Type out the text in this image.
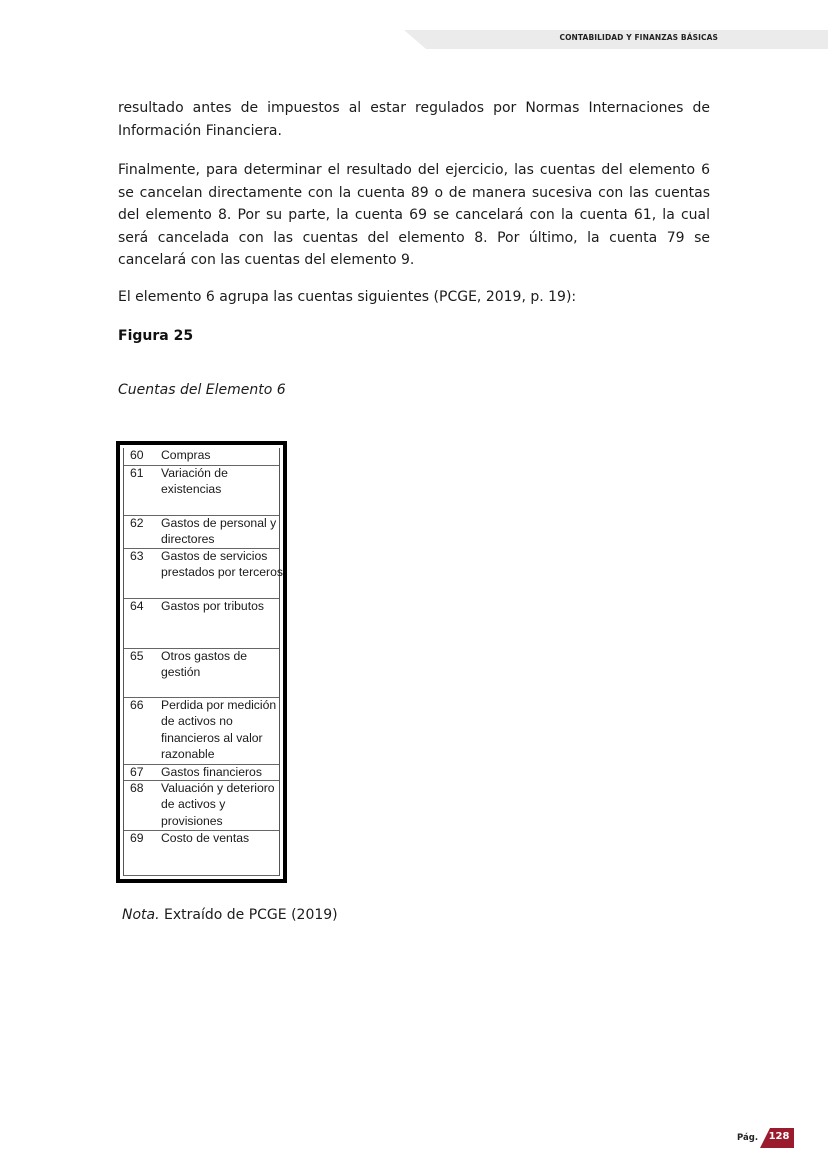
CONTABILIDAD Y FINANZAS BÁSICAS

resultado antes de impuestos al estar regulados por Normas Internaciones de Información Financiera.

Finalmente, para determinar el resultado del ejercicio, las cuentas del elemento 6 se cancelan directamente con la cuenta 89 o de manera sucesiva con las cuentas del elemento 8. Por su parte, la cuenta 69 se cancelará con la cuenta 61, la cual será cancelada con las cuentas del elemento 8. Por último, la cuenta 79 se cancelará con las cuentas del elemento 9.

El elemento 6 agrupa las cuentas siguientes (PCGE, 2019, p. 19):

Figura 25

Cuentas del Elemento 6

60	Compras
61	Variación de existencias
62	Gastos de personal y directores
63	Gastos de servicios prestados por terceros
64	Gastos por tributos
65	Otros gastos de gestión
66	Perdida por medición de activos no financieros al valor razonable
67	Gastos financieros
68	Valuación y deterioro de activos y provisiones
69	Costo de ventas

Nota. Extraído de PCGE (2019)

Pág. 128
